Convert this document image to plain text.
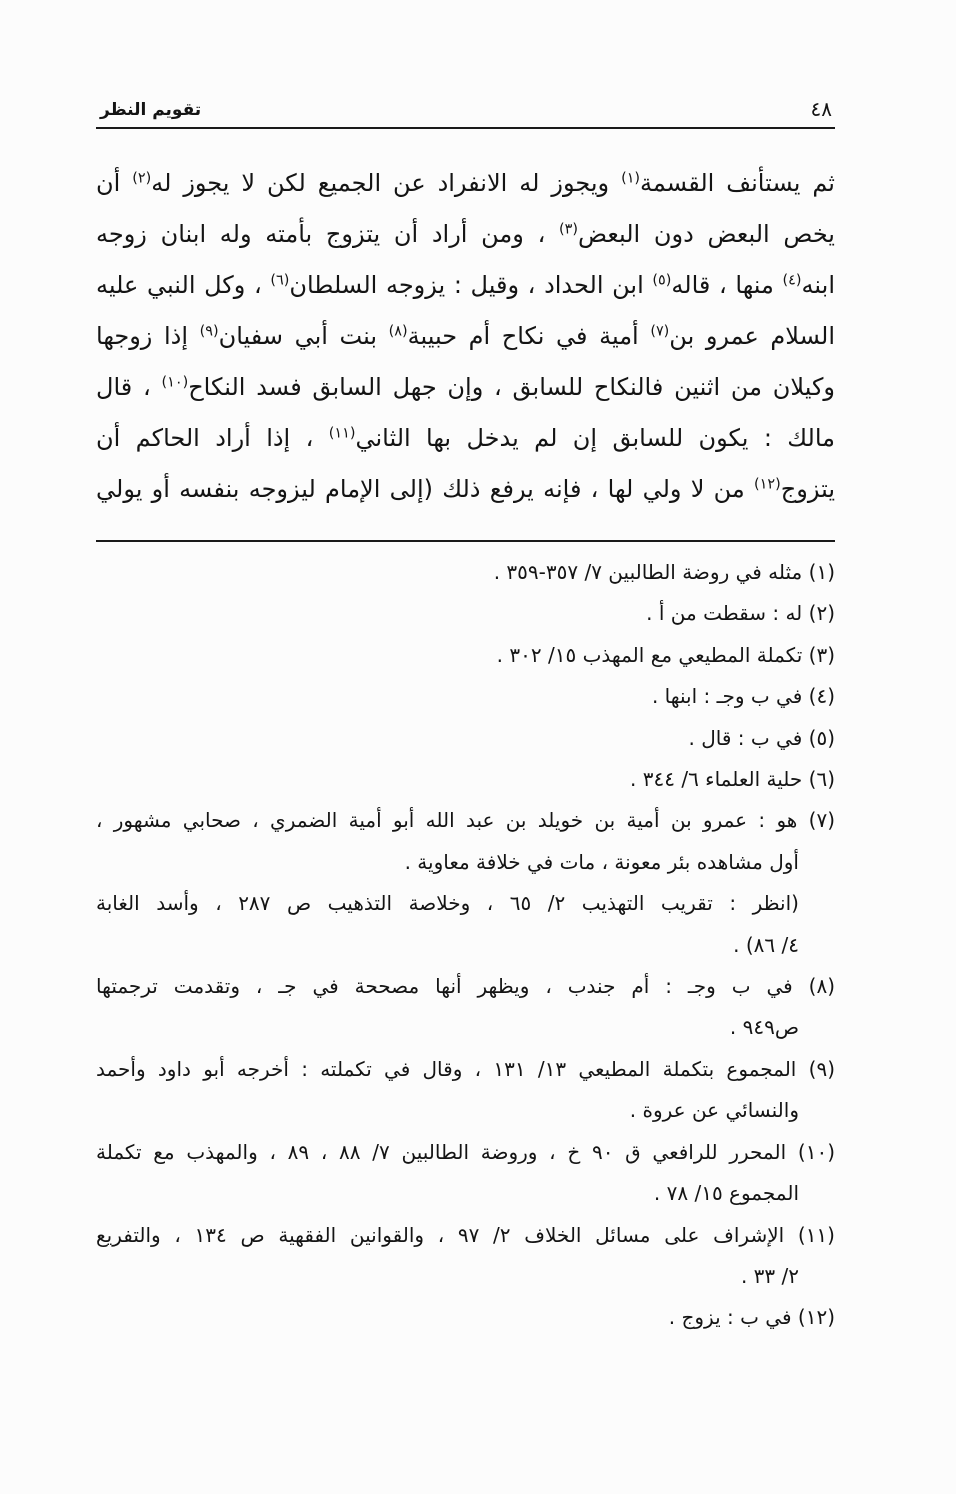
تقويم النظر	٤٨
ثم يستأنف القسمة$^{(١)}$ ويجوز له الانفراد عن الجميع لكن لا يجوز له$^{(٢)}$ أن
يخص البعض دون البعض$^{(٣)}$ ، ومن أراد أن يتزوج بأمته وله ابنان زوجه
ابنه$^{(٤)}$ منها ، قاله$^{(٥)}$ ابن الحداد ، وقيل : يزوجه السلطان$^{(٦)}$ ، وكل النبي عليه
السلام عمرو بن$^{(٧)}$ أمية في نكاح أم حبيبة$^{(٨)}$ بنت أبي سفيان$^{(٩)}$ إذا زوجها
وكيلان من اثنين فالنكاح للسابق ، وإن جهل السابق فسد النكاح$^{(١٠)}$ ، قال
مالك : يكون للسابق إن لم يدخل بها الثاني$^{(١١)}$ ، إذا أراد الحاكم أن
يتزوج$^{(١٢)}$ من لا ولي لها ، فإنه يرفع ذلك (إلى الإمام ليزوجه بنفسه أو يولي
(١) مثله في روضة الطالبين ٧/ ٣٥٧-٣٥٩ .
(٢) له : سقطت من أ .
(٣) تكملة المطيعي مع المهذب ١٥/ ٣٠٢ .
(٤) في ب وجـ : ابنها .
(٥) في ب : قال .
(٦) حلية العلماء ٦/ ٣٤٤ .
(٧) هو : عمرو بن أمية بن خويلد بن عبد الله أبو أمية الضمري ، صحابي مشهور ،
أول مشاهده بئر معونة ، مات في خلافة معاوية .
(انظر : تقريب التهذيب ٢/ ٦٥ ، وخلاصة التذهيب ص ٢٨٧ ، وأسد الغابة
٤/ ٨٦) .
(٨) في ب وجـ : أم جندب ، ويظهر أنها مصححة في جـ ، وتقدمت ترجمتها
ص٩٤٩ .
(٩) المجموع بتكملة المطيعي ١٣/ ١٣١ ، وقال في تكملته : أخرجه أبو داود وأحمد
والنسائي عن عروة .
(١٠) المحرر للرافعي ق ٩٠ خ ، وروضة الطالبين ٧/ ٨٨ ، ٨٩ ، والمهذب مع تكملة
المجموع ١٥/ ٧٨ .
(١١) الإشراف على مسائل الخلاف ٢/ ٩٧ ، والقوانين الفقهية ص ١٣٤ ، والتفريع
٢/ ٣٣ .
(١٢) في ب : يزوج .
